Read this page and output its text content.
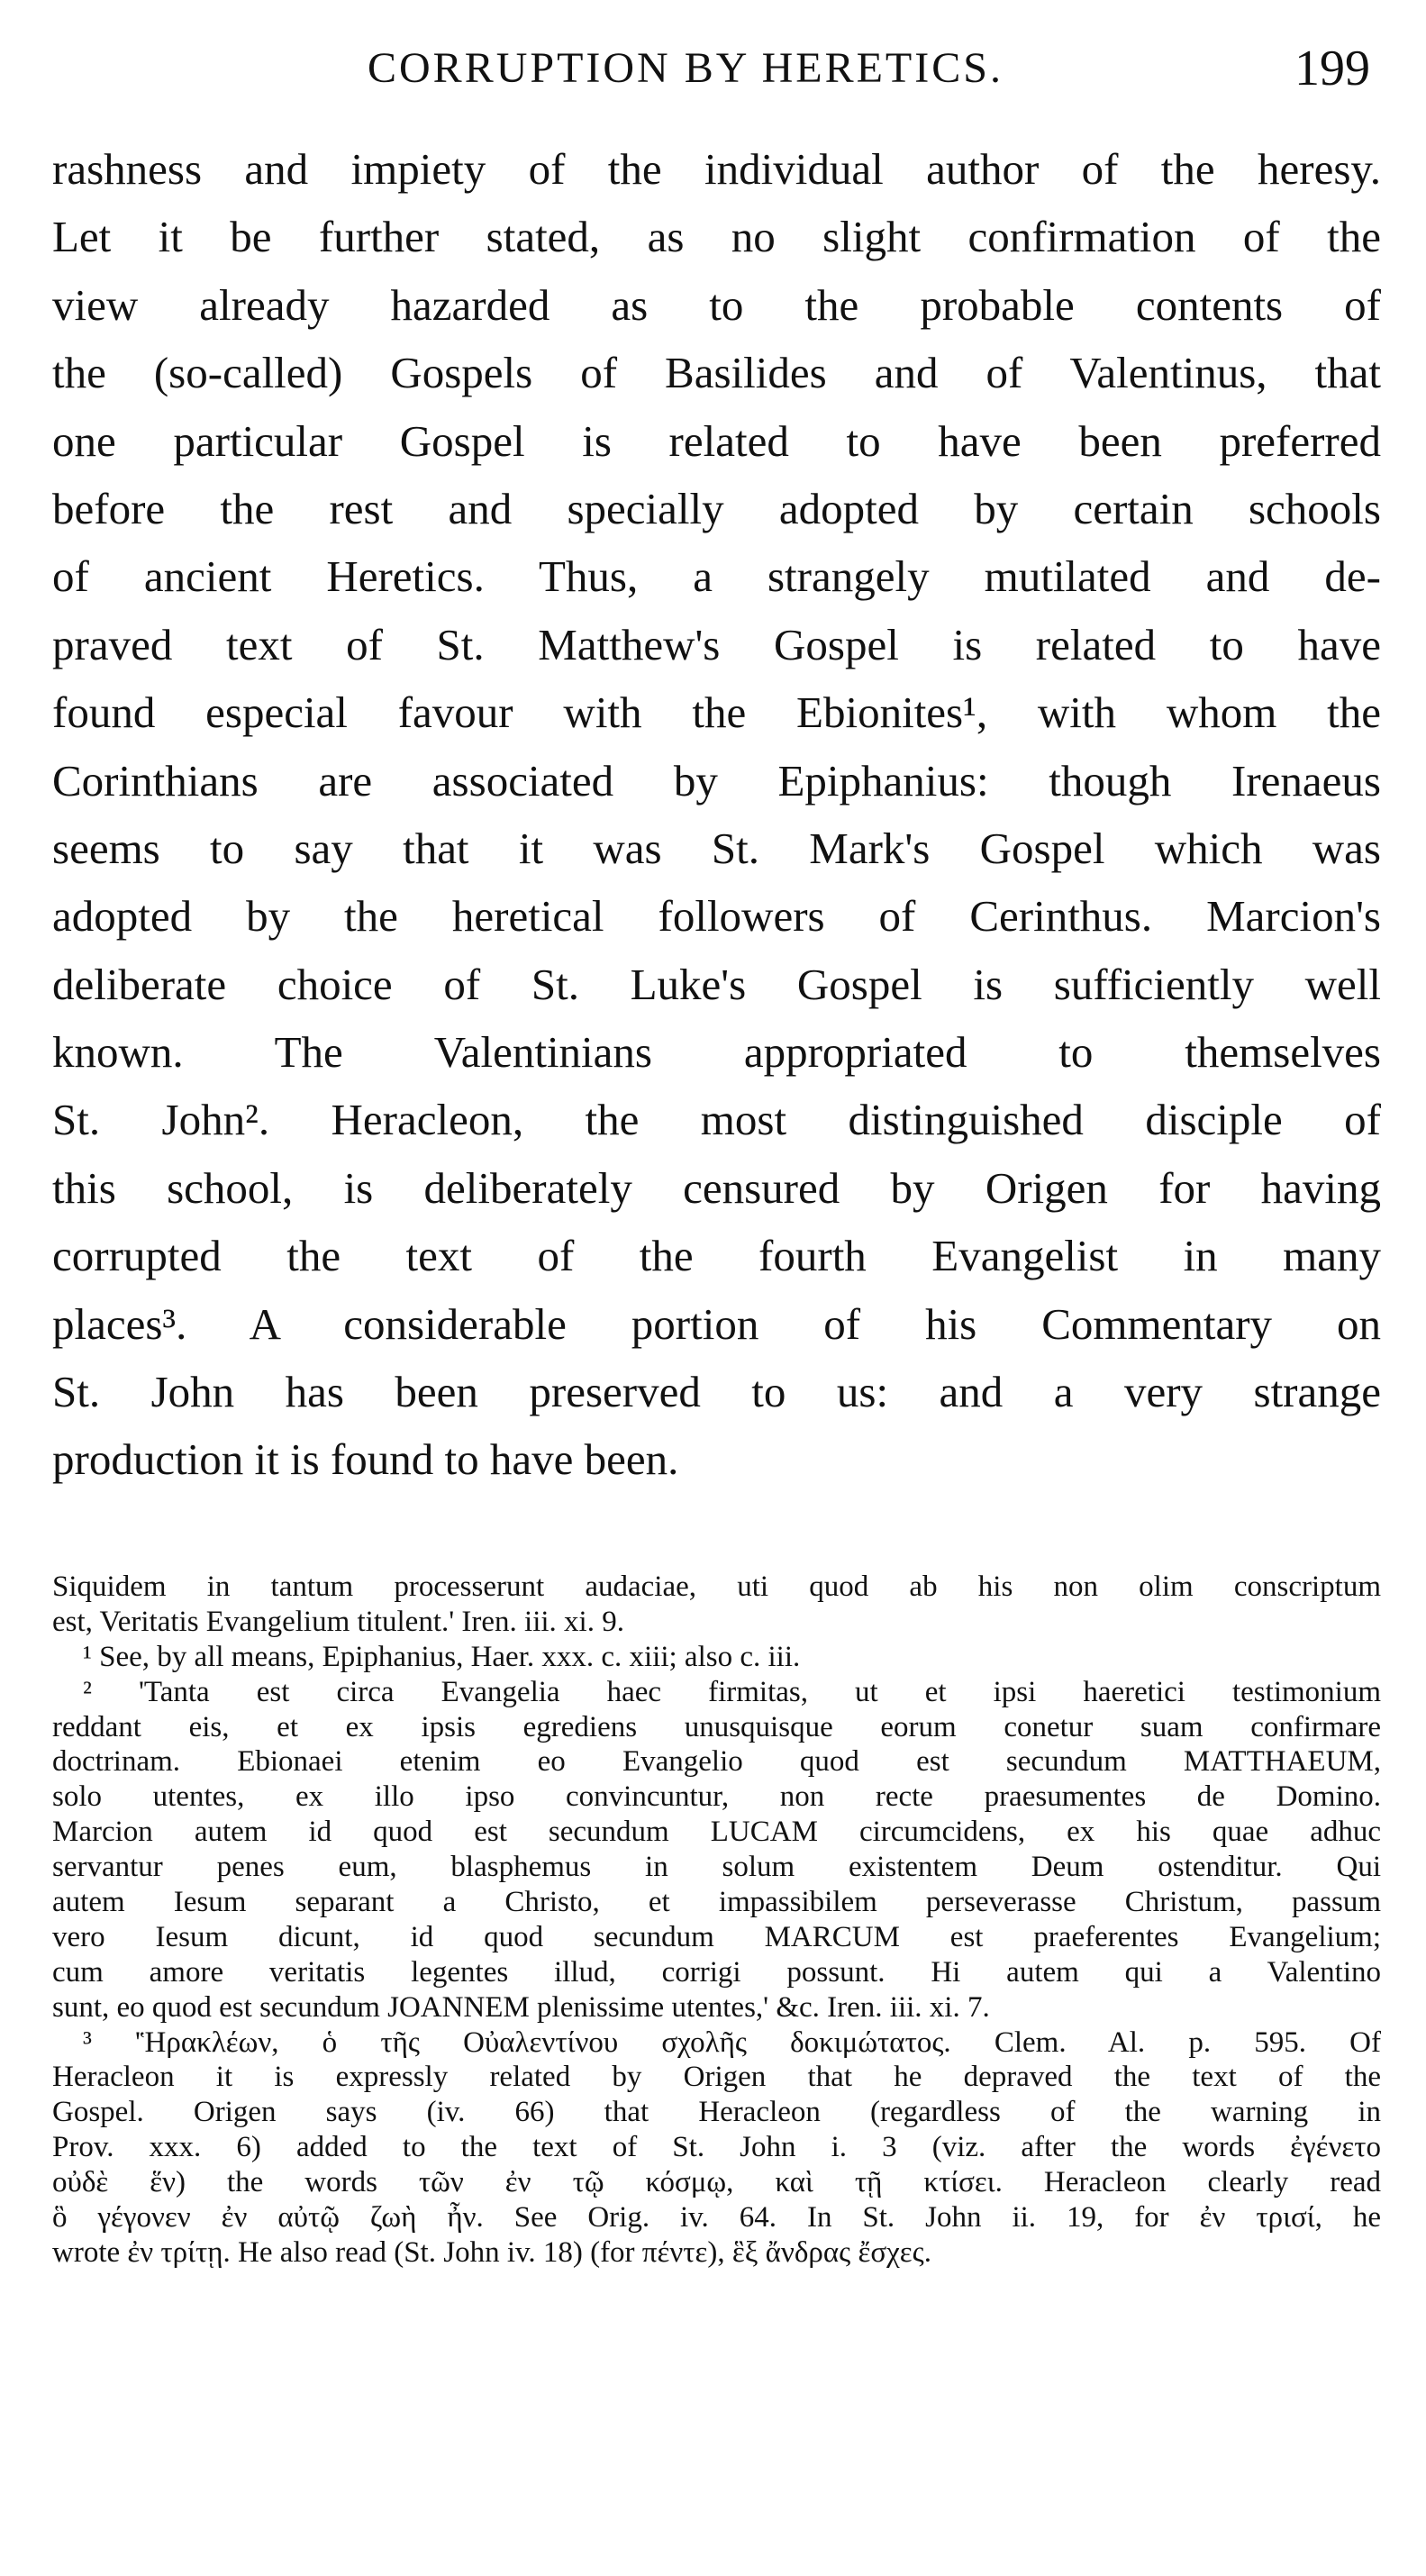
CORRUPTION BY HERETICS.	199
rashness and impiety of the individual author of the heresy.
Let it be further stated, as no slight confirmation of the
view already hazarded as to the probable contents of
the (so-called) Gospels of Basilides and of Valentinus, that
one particular Gospel is related to have been preferred
before the rest and specially adopted by certain schools
of ancient Heretics. Thus, a strangely mutilated and de-
praved text of St. Matthew's Gospel is related to have
found especial favour with the Ebionites¹, with whom the
Corinthians are associated by Epiphanius: though Irenaeus
seems to say that it was St. Mark's Gospel which was
adopted by the heretical followers of Cerinthus. Marcion's
deliberate choice of St. Luke's Gospel is sufficiently well
known. The Valentinians appropriated to themselves
St. John². Heracleon, the most distinguished disciple of
this school, is deliberately censured by Origen for having
corrupted the text of the fourth Evangelist in many
places³. A considerable portion of his Commentary on
St. John has been preserved to us: and a very strange
production it is found to have been.
Siquidem in tantum processerunt audaciae, uti quod ab his non olim conscriptum
est, Veritatis Evangelium titulent.' Iren. iii. xi. 9.
¹ See, by all means, Epiphanius, Haer. xxx. c. xiii; also c. iii.
² 'Tanta est circa Evangelia haec firmitas, ut et ipsi haeretici testimonium
reddant eis, et ex ipsis egrediens unusquisque eorum conetur suam confirmare
doctrinam. Ebionaei etenim eo Evangelio quod est secundum MATTHAEUM,
solo utentes, ex illo ipso convincuntur, non recte praesumentes de Domino.
Marcion autem id quod est secundum LUCAM circumcidens, ex his quae adhuc
servantur penes eum, blasphemus in solum existentem Deum ostenditur. Qui
autem Iesum separant a Christo, et impassibilem perseverasse Christum, passum
vero Iesum dicunt, id quod secundum MARCUM est praeferentes Evangelium;
cum amore veritatis legentes illud, corrigi possunt. Hi autem qui a Valentino
sunt, eo quod est secundum JOANNEM plenissime utentes,' &c. Iren. iii. xi. 7.
³ 'Ἡρακλέων, ὁ τῆς Οὐαλεντίνου σχολῆς δοκιμώτατος. Clem. Al. p. 595. Of
Heracleon it is expressly related by Origen that he depraved the text of the
Gospel. Origen says (iv. 66) that Heracleon (regardless of the warning in
Prov. xxx. 6) added to the text of St. John i. 3 (viz. after the words ἐγένετο
οὐδὲ ἕν) the words τῶν ἐν τῷ κόσμῳ, καὶ τῇ κτίσει. Heracleon clearly read
ὃ γέγονεν ἐν αὐτῷ ζωὴ ἦν. See Orig. iv. 64. In St. John ii. 19, for ἐν τρισί, he
wrote ἐν τρίτῃ. He also read (St. John iv. 18) (for πέντε), ἓξ ἄνδρας ἔσχες.
